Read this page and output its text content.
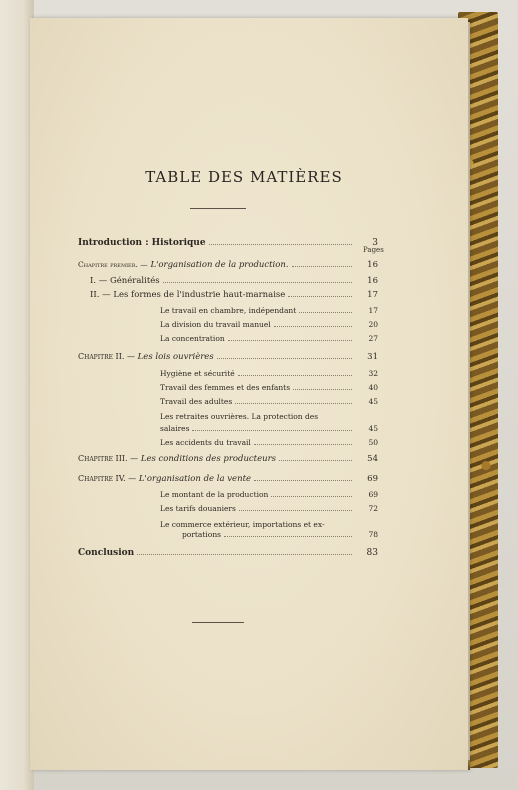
TABLE DES MATIÈRES
Pages
Introduction : Historique	3
Chapitre premier. — L'organisation de la production.	16
I. — Généralités	16
II. — Les formes de l'industrie haut-marnaise	17
Le travail en chambre, indépendant	17
La division du travail manuel	20
La concentration	27
Chapitre II. — Les lois ouvrières	31
Hygiène et sécurité	32
Travail des femmes et des enfants	40
Travail des adultes	45
Les retraites ouvrières. La protection des
salaires	45
Les accidents du travail	50
Chapitre III. — Les conditions des producteurs	54
Chapitre IV. — L'organisation de la vente	69
Le montant de la production	69
Les tarifs douaniers	72
Le commerce extérieur, importations et ex-
portations	78
Conclusion	83
